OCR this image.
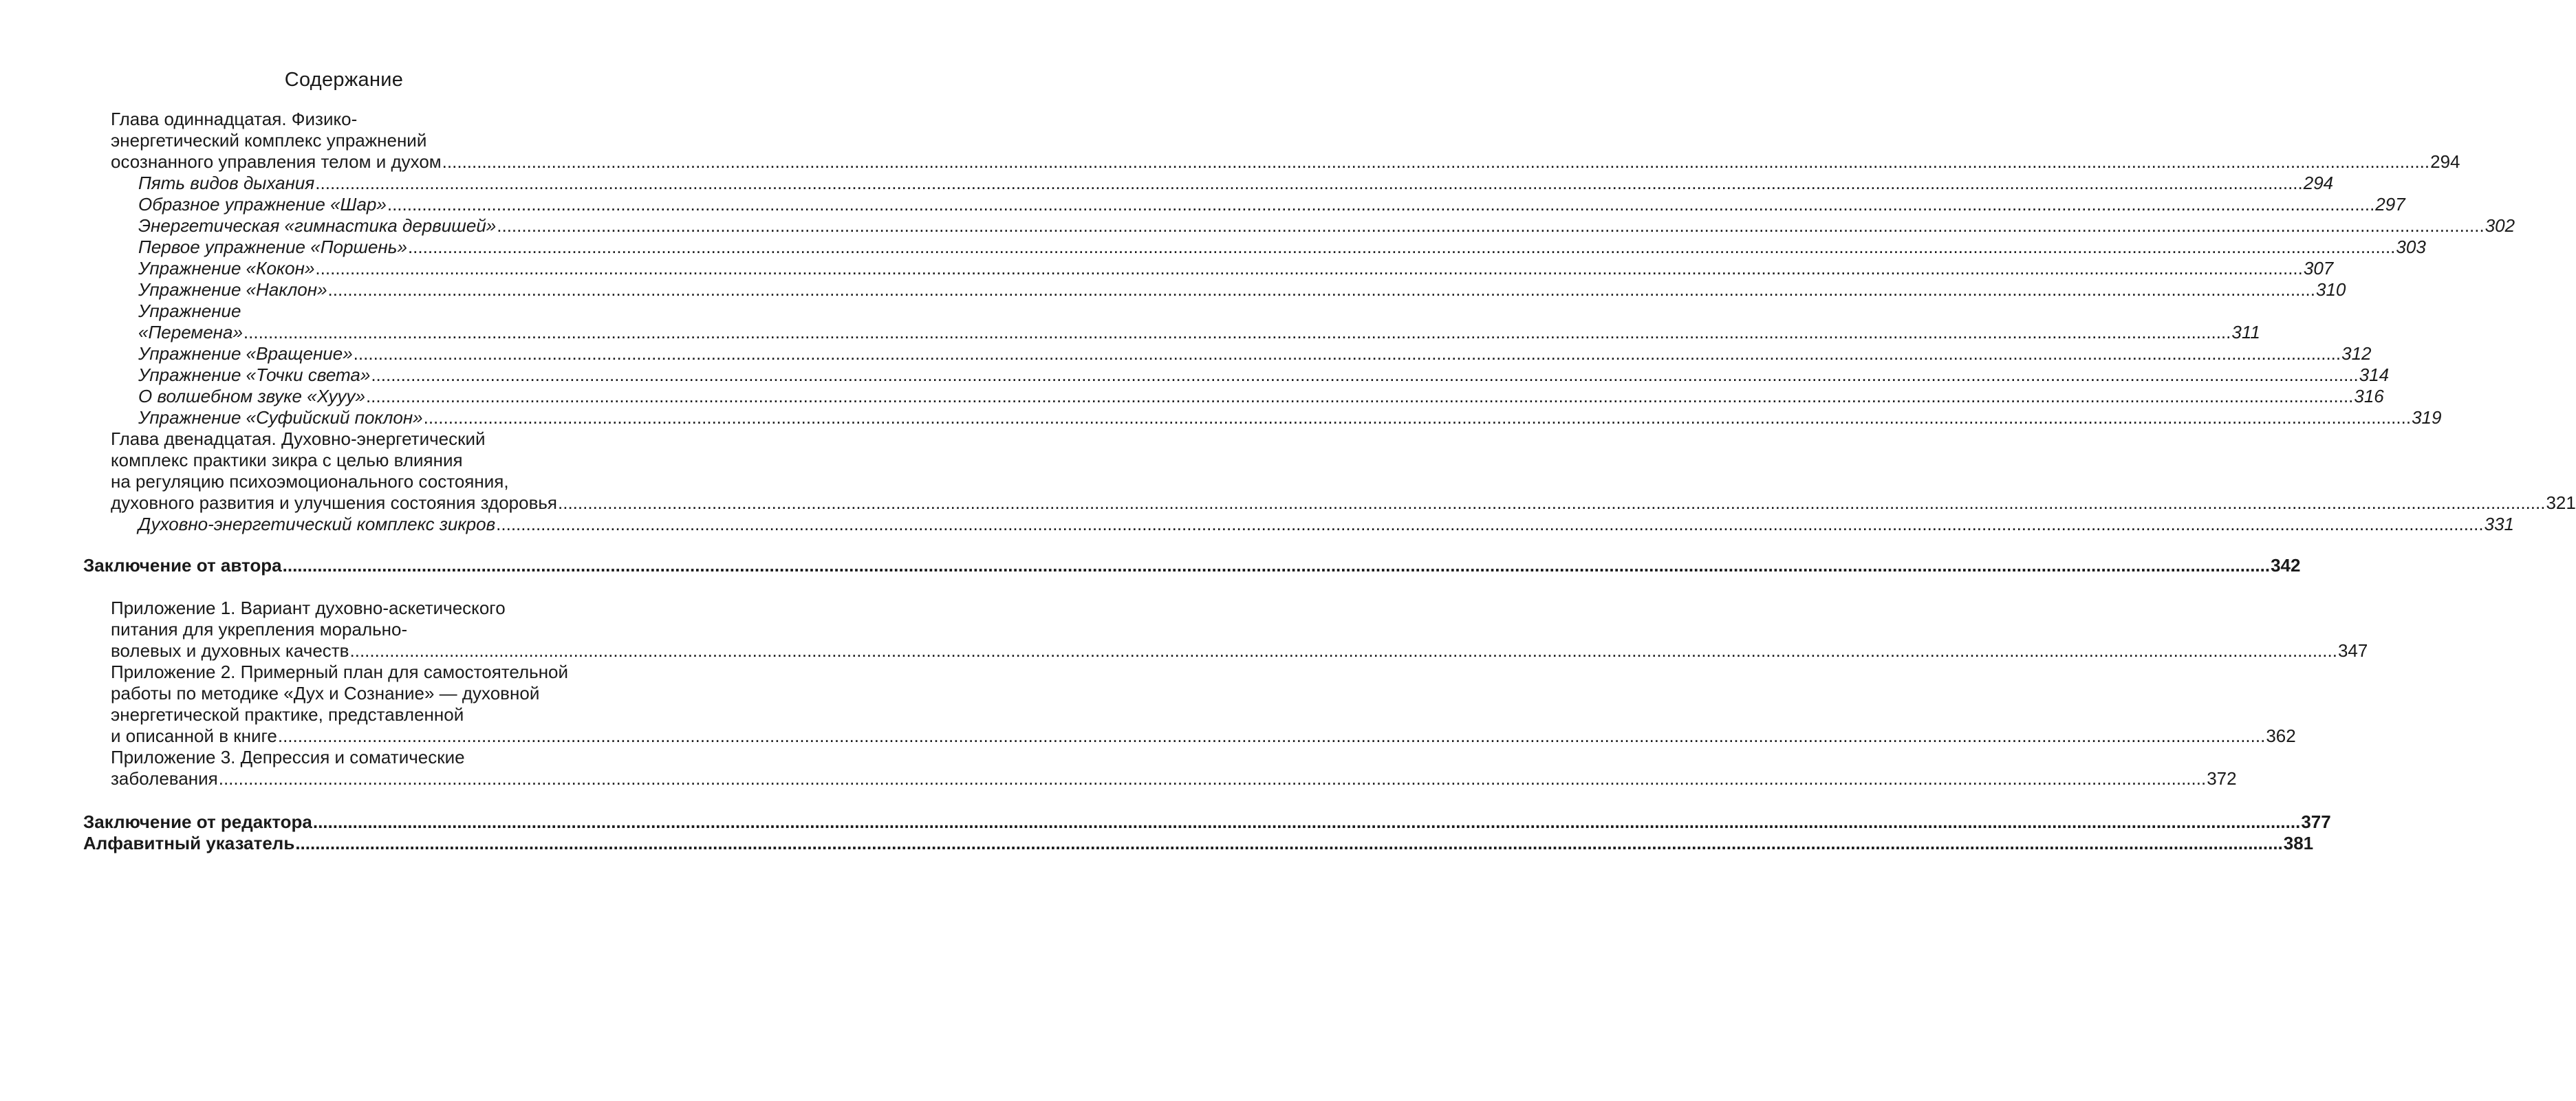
Содержание
Глава одиннадцатая. Физико-
энергетический комплекс упражнений
осознанного управления телом и духом ................................................................................................................................................................................................................................................................................................................................................................................................................ 294
Пять видов дыхания ................................................................................................................................................................................................................................................................................................................................................................................................................ 294
Образное упражнение «Шар» ................................................................................................................................................................................................................................................................................................................................................................................................................ 297
Энергетическая «гимнастика дервишей» ................................................................................................................................................................................................................................................................................................................................................................................................................ 302
Первое упражнение «Поршень» ................................................................................................................................................................................................................................................................................................................................................................................................................ 303
Упражнение «Кокон» ................................................................................................................................................................................................................................................................................................................................................................................................................ 307
Упражнение «Наклон» ................................................................................................................................................................................................................................................................................................................................................................................................................ 310
Упражнение
«Перемена» ................................................................................................................................................................................................................................................................................................................................................................................................................ 311
Упражнение «Вращение» ................................................................................................................................................................................................................................................................................................................................................................................................................ 312
Упражнение «Точки света» ................................................................................................................................................................................................................................................................................................................................................................................................................ 314
О волшебном звуке «Хууу» ................................................................................................................................................................................................................................................................................................................................................................................................................ 316
Упражнение «Суфийский поклон» ................................................................................................................................................................................................................................................................................................................................................................................................................ 319
Глава двенадцатая. Духовно-энергетический
комплекс практики зикра с целью влияния
на регуляцию психоэмоционального состояния,
духовного развития и улучшения состояния здоровья ................................................................................................................................................................................................................................................................................................................................................................................................................ 321
Духовно-энергетический комплекс зикров ................................................................................................................................................................................................................................................................................................................................................................................................................ 331
Заключение от автора ................................................................................................................................................................................................................................................................................................................................................................................................................ 342
Приложение 1. Вариант духовно-аскетического
питания для укрепления морально-
волевых и духовных качеств ................................................................................................................................................................................................................................................................................................................................................................................................................ 347
Приложение 2. Примерный план для самостоятельной
работы по методике «Дух и Сознание» — духовной
энергетической практике, представленной
и описанной в книге ................................................................................................................................................................................................................................................................................................................................................................................................................ 362
Приложение 3. Депрессия и соматические
заболевания ................................................................................................................................................................................................................................................................................................................................................................................................................ 372
Заключение от редактора ................................................................................................................................................................................................................................................................................................................................................................................................................ 377
Алфавитный указатель ................................................................................................................................................................................................................................................................................................................................................................................................................ 381
